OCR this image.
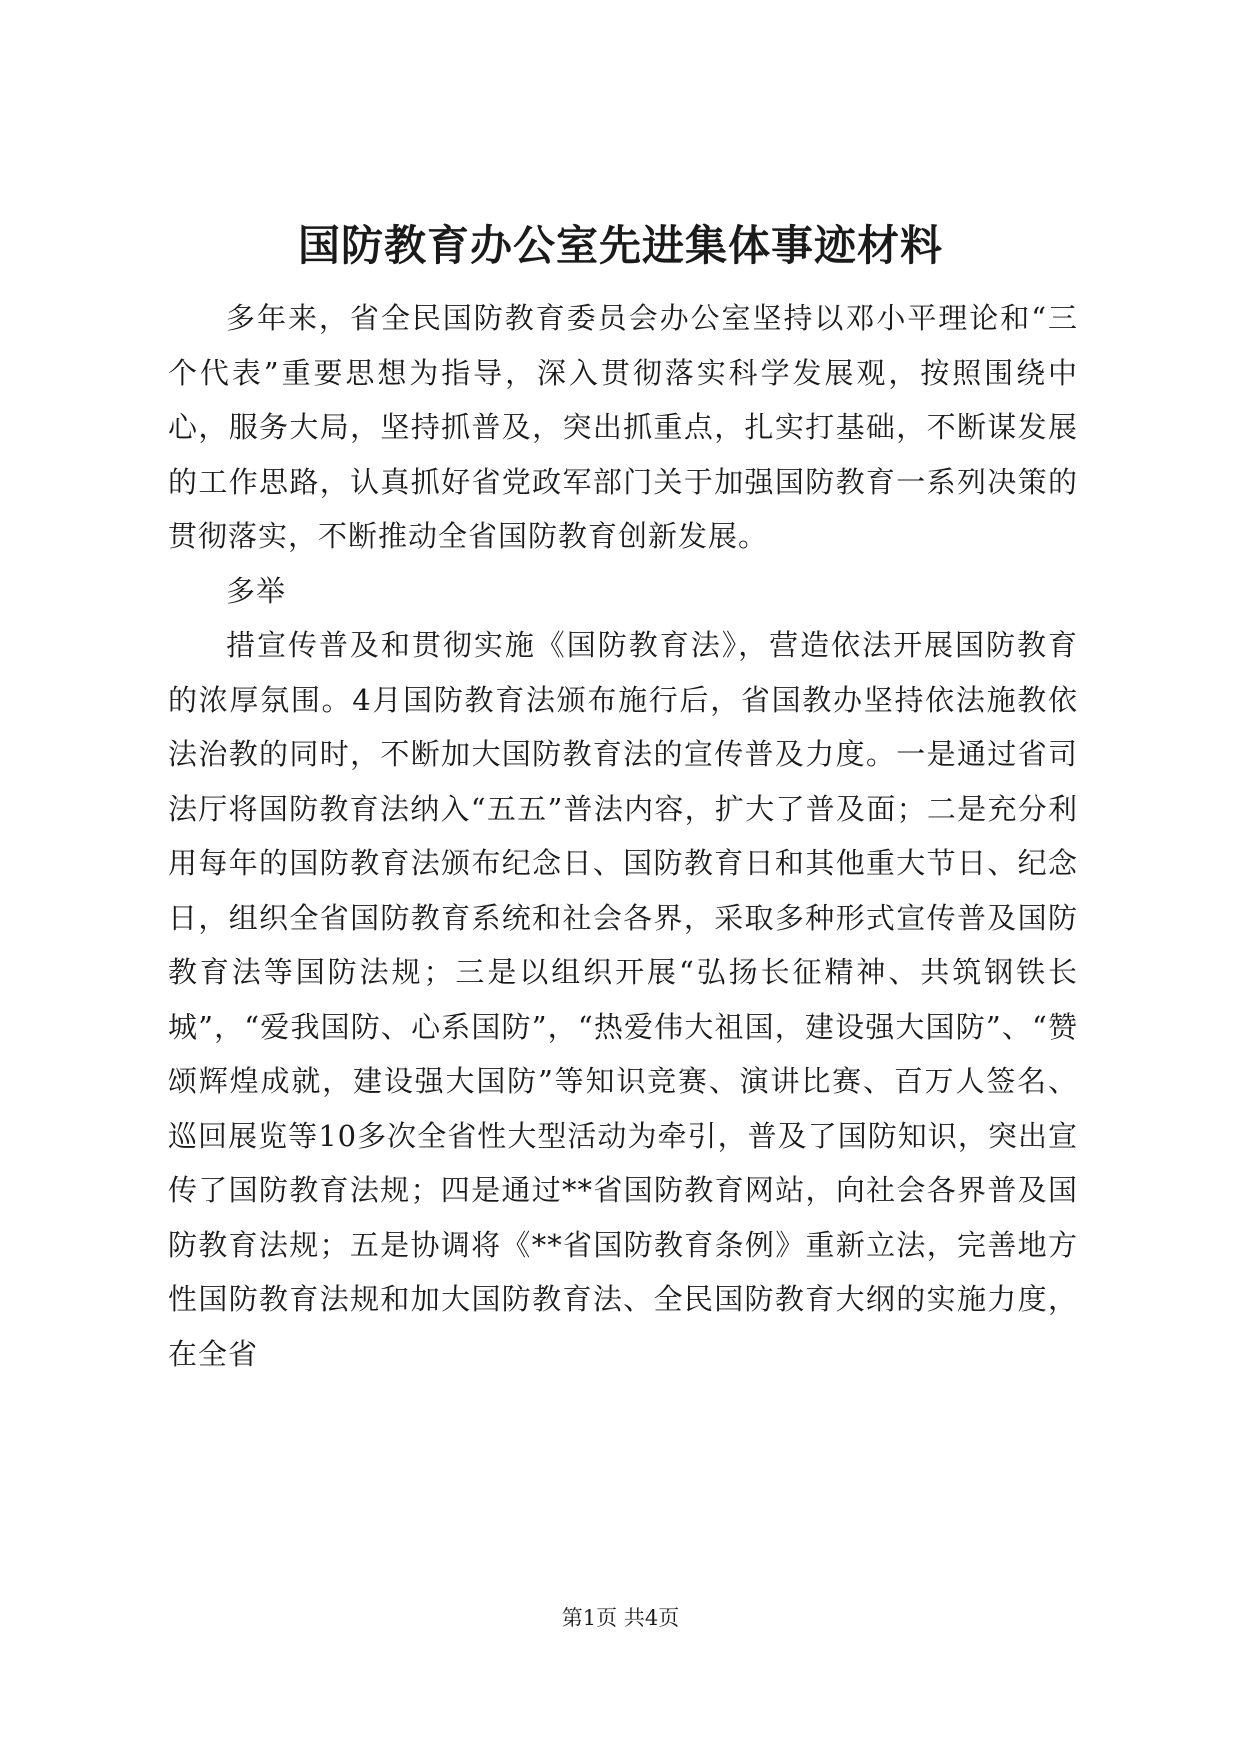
国防教育办公室先进集体事迹材料

多年来，省全民国防教育委员会办公室坚持以邓小平理论和“三个代表”重要思想为指导，深入贯彻落实科学发展观，按照围绕中心，服务大局，坚持抓普及，突出抓重点，扎实打基础，不断谋发展的工作思路，认真抓好省党政军部门关于加强国防教育一系列决策的贯彻落实，不断推动全省国防教育创新发展。

多举

措宣传普及和贯彻实施《国防教育法》，营造依法开展国防教育的浓厚氛围。4月国防教育法颁布施行后，省国教办坚持依法施教依法治教的同时，不断加大国防教育法的宣传普及力度。一是通过省司法厅将国防教育法纳入“五五”普法内容，扩大了普及面；二是充分利用每年的国防教育法颁布纪念日、国防教育日和其他重大节日、纪念日，组织全省国防教育系统和社会各界，采取多种形式宣传普及国防教育法等国防法规；三是以组织开展“弘扬长征精神、共筑钢铁长城”，“爱我国防、心系国防”，“热爱伟大祖国，建设强大国防”、“赞颂辉煌成就，建设强大国防”等知识竞赛、演讲比赛、百万人签名、巡回展览等10多次全省性大型活动为牵引，普及了国防知识，突出宣传了国防教育法规；四是通过**省国防教育网站，向社会各界普及国防教育法规；五是协调将《**省国防教育条例》重新立法，完善地方性国防教育法规和加大国防教育法、全民国防教育大纲的实施力度，在全省

第1页 共4页
